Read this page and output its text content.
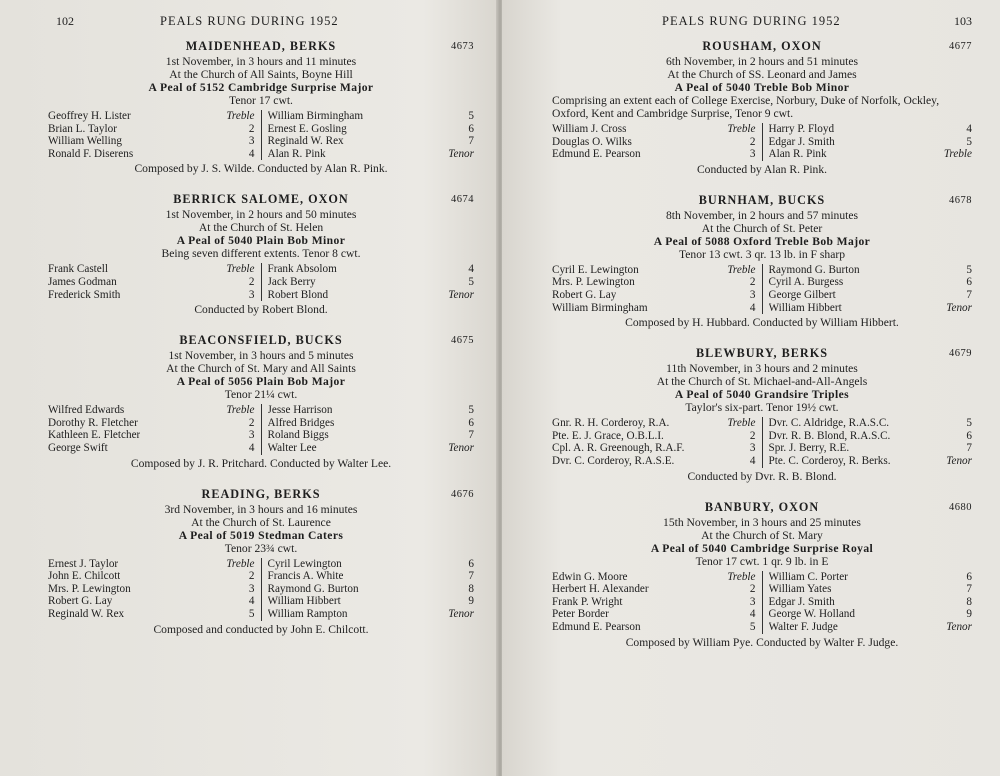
102	PEALS RUNG DURING 1952
MAIDENHEAD, BERKS	4673
1st November, in 3 hours and 11 minutes
At the Church of All Saints, Boyne Hill
A Peal of 5152 Cambridge Surprise Major
Tenor 17 cwt.
Geoffrey H. Lister	Treble
Brian L. Taylor	2
William Welling	3
Ronald F. Diserens	4
William Birmingham	5
Ernest E. Gosling	6
Reginald W. Rex	7
Alan R. Pink	Tenor
Composed by J. S. Wilde. Conducted by Alan R. Pink.
BERRICK SALOME, OXON	4674
1st November, in 2 hours and 50 minutes
At the Church of St. Helen
A Peal of 5040 Plain Bob Minor
Being seven different extents. Tenor 8 cwt.
Frank Castell	Treble
James Godman	2
Frederick Smith	3
Frank Absolom	4
Jack Berry	5
Robert Blond	Tenor
Conducted by Robert Blond.
BEACONSFIELD, BUCKS	4675
1st November, in 3 hours and 5 minutes
At the Church of St. Mary and All Saints
A Peal of 5056 Plain Bob Major
Tenor 21¼ cwt.
Wilfred Edwards	Treble
Dorothy R. Fletcher	2
Kathleen E. Fletcher	3
George Swift	4
Jesse Harrison	5
Alfred Bridges	6
Roland Biggs	7
Walter Lee	Tenor
Composed by J. R. Pritchard. Conducted by Walter Lee.
READING, BERKS	4676
3rd November, in 3 hours and 16 minutes
At the Church of St. Laurence
A Peal of 5019 Stedman Caters
Tenor 23¾ cwt.
Ernest J. Taylor	Treble
John E. Chilcott	2
Mrs. P. Lewington	3
Robert G. Lay	4
Reginald W. Rex	5
Cyril Lewington	6
Francis A. White	7
Raymond G. Burton	8
William Hibbert	9
William Rampton	Tenor
Composed and conducted by John E. Chilcott.
PEALS RUNG DURING 1952	103
ROUSHAM, OXON	4677
6th November, in 2 hours and 51 minutes
At the Church of SS. Leonard and James
A Peal of 5040 Treble Bob Minor
Comprising an extent each of College Exercise, Norbury, Duke of Norfolk, Ockley, Oxford, Kent and Cambridge Surprise, Tenor 9 cwt.
William J. Cross	Treble
Douglas O. Wilks	2
Edmund E. Pearson	3
Harry P. Floyd	4
Edgar J. Smith	5
Alan R. Pink	Treble
Conducted by Alan R. Pink.
BURNHAM, BUCKS	4678
8th November, in 2 hours and 57 minutes
At the Church of St. Peter
A Peal of 5088 Oxford Treble Bob Major
Tenor 13 cwt. 3 qr. 13 lb. in F sharp
Cyril E. Lewington	Treble
Mrs. P. Lewington	2
Robert G. Lay	3
William Birmingham	4
Raymond G. Burton	5
Cyril A. Burgess	6
George Gilbert	7
William Hibbert	Tenor
Composed by H. Hubbard. Conducted by William Hibbert.
BLEWBURY, BERKS	4679
11th November, in 3 hours and 2 minutes
At the Church of St. Michael-and-All-Angels
A Peal of 5040 Grandsire Triples
Taylor's six-part. Tenor 19½ cwt.
Gnr. R. H. Corderoy, R.A.	Treble
Pte. E. J. Grace, O.B.L.I.	2
Cpl. A. R. Greenough, R.A.F.	3
Dvr. C. Corderoy, R.A.S.E.	4
Dvr. C. Aldridge, R.A.S.C.	5
Dvr. R. B. Blond, R.A.S.C.	6
Spr. J. Berry, R.E.	7
Pte. C. Corderoy, R. Berks.	Tenor
Conducted by Dvr. R. B. Blond.
BANBURY, OXON	4680
15th November, in 3 hours and 25 minutes
At the Church of St. Mary
A Peal of 5040 Cambridge Surprise Royal
Tenor 17 cwt. 1 qr. 9 lb. in E
Edwin G. Moore	Treble
Herbert H. Alexander	2
Frank P. Wright	3
Peter Border	4
Edmund E. Pearson	5
William C. Porter	6
William Yates	7
Edgar J. Smith	8
George W. Holland	9
Walter F. Judge	Tenor
Composed by William Pye. Conducted by Walter F. Judge.
